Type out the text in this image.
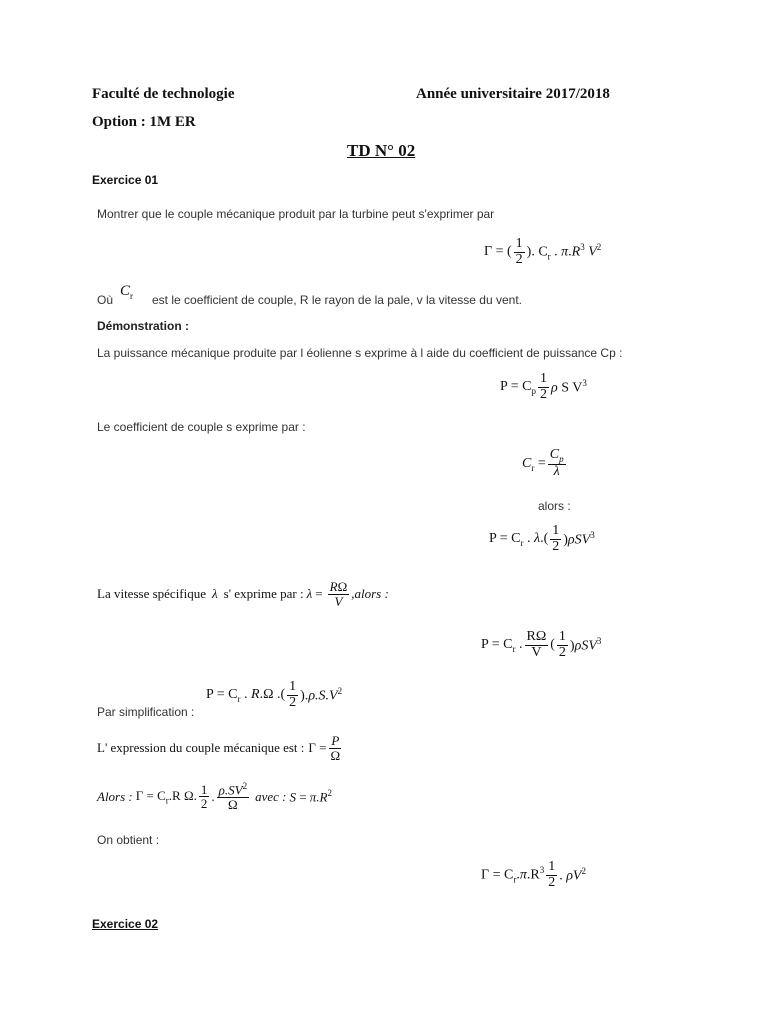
Faculté de technologie	Année universitaire 2017/2018
Option : 1M ER
TD N° 02
Exercice 01
Montrer que le couple mécanique produit par la turbine peut s'exprimer par
Γ = ( $\frac{1}{2}$ ). $C_r$ . $\pi.R^3$ $V^2$
Où
$C_r$ est le coefficient de couple, R le rayon de la pale, v la vitesse du vent.
Démonstration :
La puissance mécanique produite par l éolienne s exprime à l aide du coefficient de puissance Cp :
$P = C_p \frac{1}{2}$ ρ S $V^3$
Le coefficient de couple s exprime par :
$C_r = \frac{C_p}{\lambda}$
alors :
$P = C_r$ . $\lambda.( \frac{1}{2} )\rho SV^3$
La vitesse spécifique λ s' exprime par : $\lambda = \frac{R\Omega}{V}$ ,alors :
$P = C_r$ . $\frac{R\Omega}{V}$ ( $\frac{1}{2} )\rho SV^3$
$P = C_r$ . R.Ω .( $\frac{1}{2} ).\rho.S.V^2$
Par simplification :
L' expression du couple mécanique est : $\Gamma = \frac{P}{\Omega}$
Alors : $\Gamma = C_r.R$ Ω. $\frac{1}{2}$ . $\frac{\rho.SV^2}{\Omega}$ avec : $S = \pi.R^2$
On obtient :
$\Gamma = C_r.\pi.R^3 \frac{1}{2}$ . $\rho V^2$
Exercice 02
